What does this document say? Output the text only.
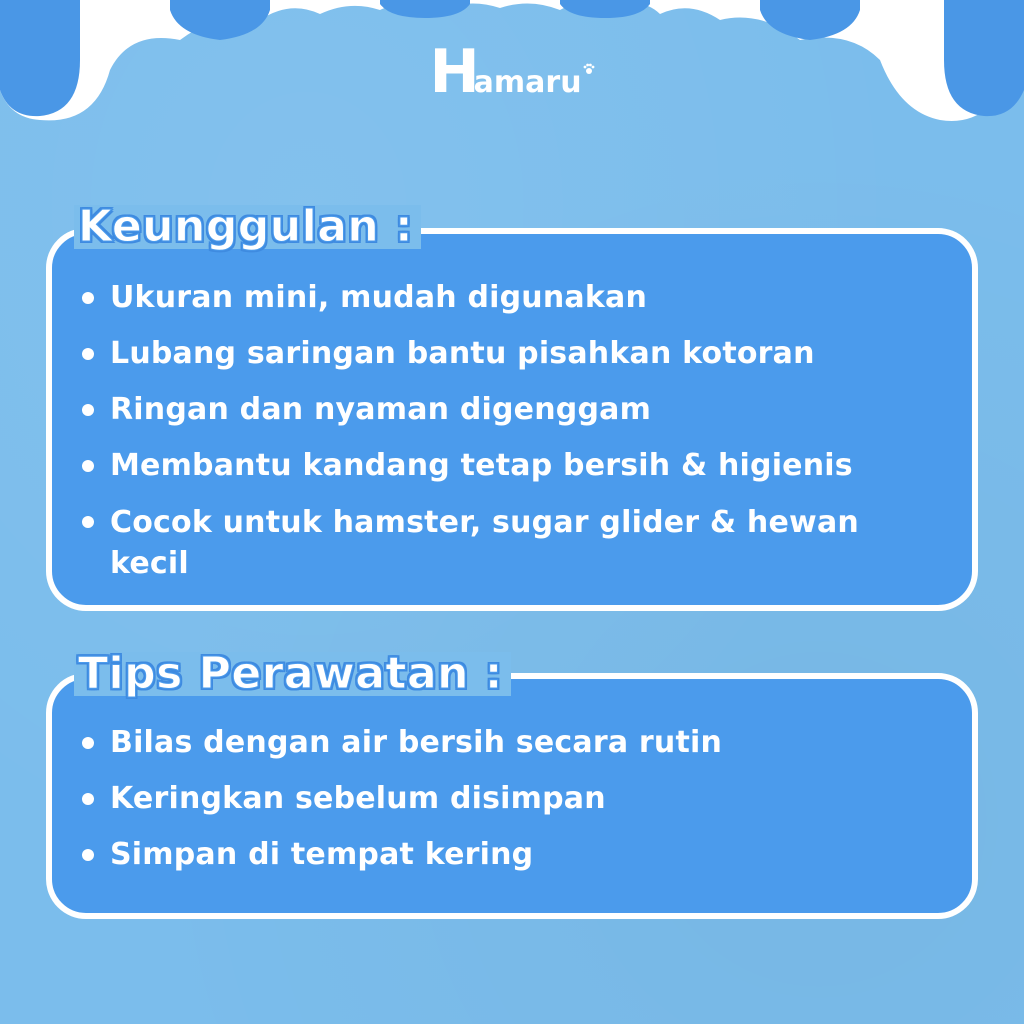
H
amaru
Keunggulan :
Ukuran mini, mudah digunakan
Lubang saringan bantu pisahkan kotoran
Ringan dan nyaman digenggam
Membantu kandang tetap bersih & higienis
Cocok untuk hamster, sugar glider & hewan kecil
Tips Perawatan :
Bilas dengan air bersih secara rutin
Keringkan sebelum disimpan
Simpan di tempat kering
